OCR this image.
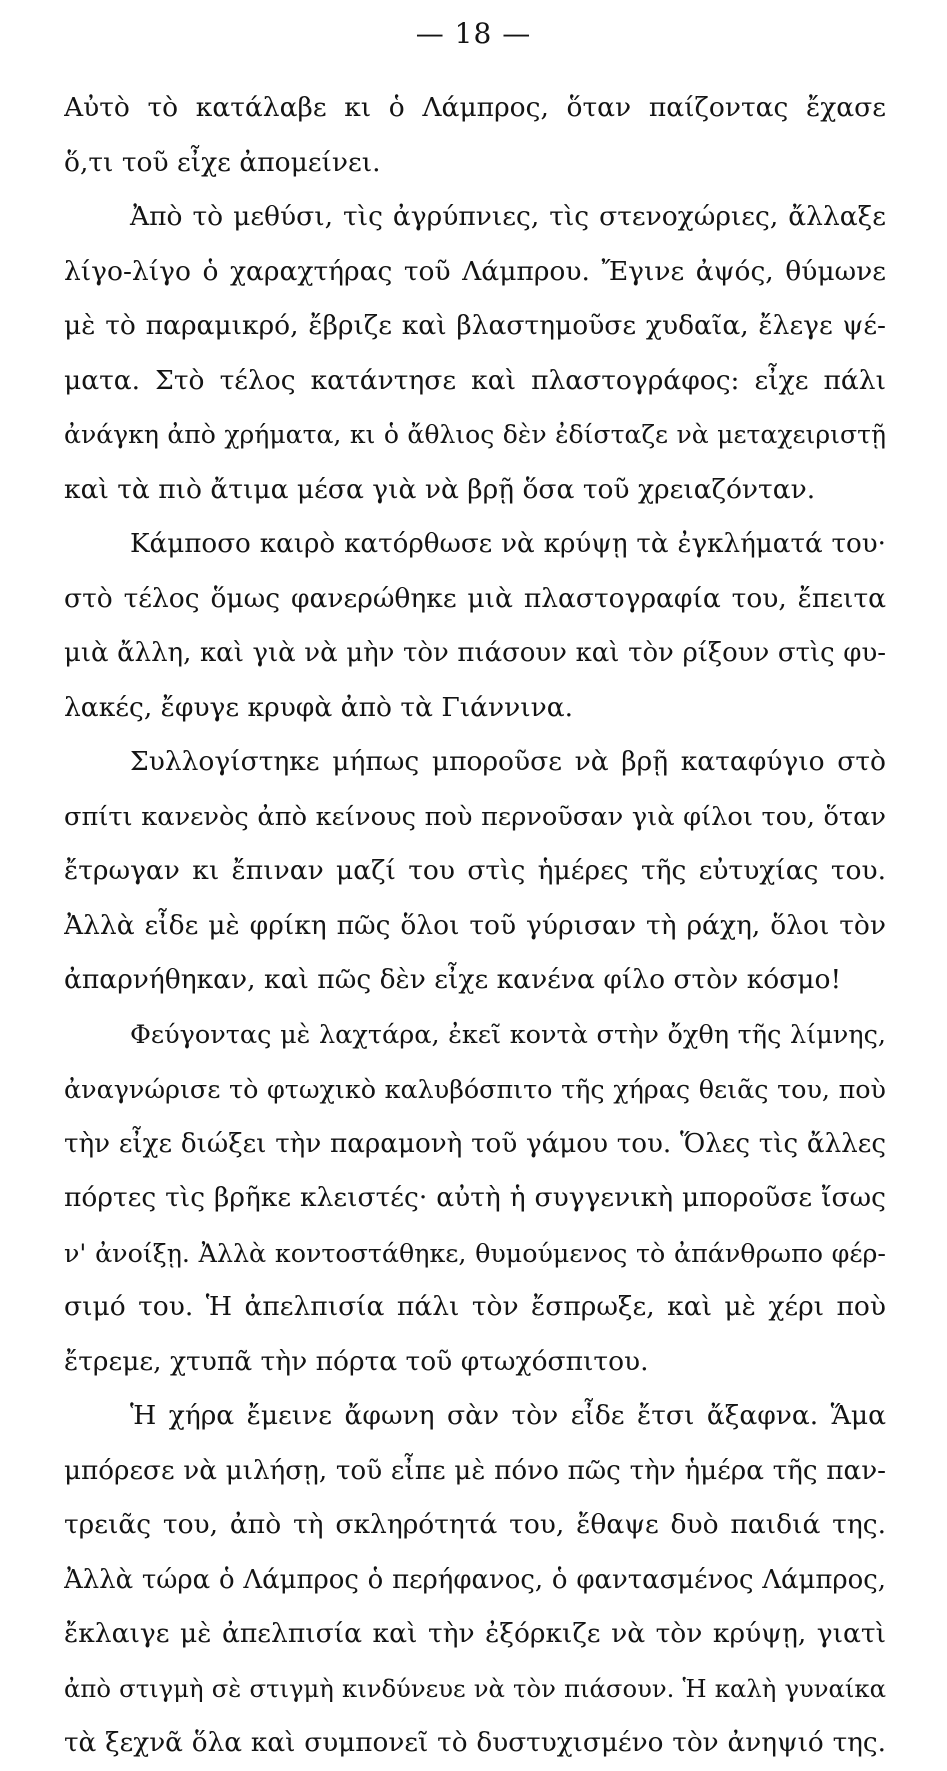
— 18 —
Αὐτὸ τὸ κατάλαβε κι ὁ Λάμπρος, ὅταν παίζοντας ἔχασε
ὅ,τι τοῦ εἶχε ἀπομείνει.
Ἀπὸ τὸ μεθύσι, τὶς ἀγρύπνιες, τὶς στενοχώριες, ἄλλαξε
λίγο-λίγο ὁ χαραχτήρας τοῦ Λάμπρου. Ἔγινε ἀψός, θύμωνε
μὲ τὸ παραμικρό, ἔβριζε καὶ βλαστημοῦσε χυδαῖα, ἔλεγε ψέ-
ματα. Στὸ τέλος κατάντησε καὶ πλαστογράφος: εἶχε πάλι
ἀνάγκη ἀπὸ χρήματα, κι ὁ ἄθλιος δὲν ἐδίσταζε νὰ μεταχειριστῇ
καὶ τὰ πιὸ ἄτιμα μέσα γιὰ νὰ βρῇ ὅσα τοῦ χρειαζόνταν.
Κάμποσο καιρὸ κατόρθωσε νὰ κρύψῃ τὰ ἐγκλήματά του·
στὸ τέλος ὅμως φανερώθηκε μιὰ πλαστογραφία του, ἔπειτα
μιὰ ἄλλη, καὶ γιὰ νὰ μὴν τὸν πιάσουν καὶ τὸν ρίξουν στὶς φυ-
λακές, ἔφυγε κρυφὰ ἀπὸ τὰ Γιάννινα.
Συλλογίστηκε μήπως μποροῦσε νὰ βρῇ καταφύγιο στὸ
σπίτι κανενὸς ἀπὸ κείνους ποὺ περνοῦσαν γιὰ φίλοι του, ὅταν
ἔτρωγαν κι ἔπιναν μαζί του στὶς ἡμέρες τῆς εὐτυχίας του.
Ἀλλὰ εἶδε μὲ φρίκη πῶς ὅλοι τοῦ γύρισαν τὴ ράχη, ὅλοι τὸν
ἀπαρνήθηκαν, καὶ πῶς δὲν εἶχε κανένα φίλο στὸν κόσμο!
Φεύγοντας μὲ λαχτάρα, ἐκεῖ κοντὰ στὴν ὄχθη τῆς λίμνης,
ἀναγνώρισε τὸ φτωχικὸ καλυβόσπιτο τῆς χήρας θειᾶς του, ποὺ
τὴν εἶχε διώξει τὴν παραμονὴ τοῦ γάμου του. Ὅλες τὶς ἄλλες
πόρτες τὶς βρῆκε κλειστές· αὐτὴ ἡ συγγενικὴ μποροῦσε ἴσως
ν' ἀνοίξῃ. Ἀλλὰ κοντοστάθηκε, θυμούμενος τὸ ἀπάνθρωπο φέρ-
σιμό του. Ἡ ἀπελπισία πάλι τὸν ἔσπρωξε, καὶ μὲ χέρι ποὺ
ἔτρεμε, χτυπᾶ τὴν πόρτα τοῦ φτωχόσπιτου.
Ἡ χήρα ἔμεινε ἄφωνη σὰν τὸν εἶδε ἔτσι ἄξαφνα. Ἅμα
μπόρεσε νὰ μιλήσῃ, τοῦ εἶπε μὲ πόνο πῶς τὴν ἡμέρα τῆς παν-
τρειᾶς του, ἀπὸ τὴ σκληρότητά του, ἔθαψε δυὸ παιδιά της.
Ἀλλὰ τώρα ὁ Λάμπρος ὁ περήφανος, ὁ φαντασμένος Λάμπρος,
ἔκλαιγε μὲ ἀπελπισία καὶ τὴν ἐξόρκιζε νὰ τὸν κρύψῃ, γιατὶ
ἀπὸ στιγμὴ σὲ στιγμὴ κινδύνευε νὰ τὸν πιάσουν. Ἡ καλὴ γυναίκα
τὰ ξεχνᾶ ὅλα καὶ συμπονεῖ τὸ δυστυχισμένο τὸν ἀνηψιό της.
